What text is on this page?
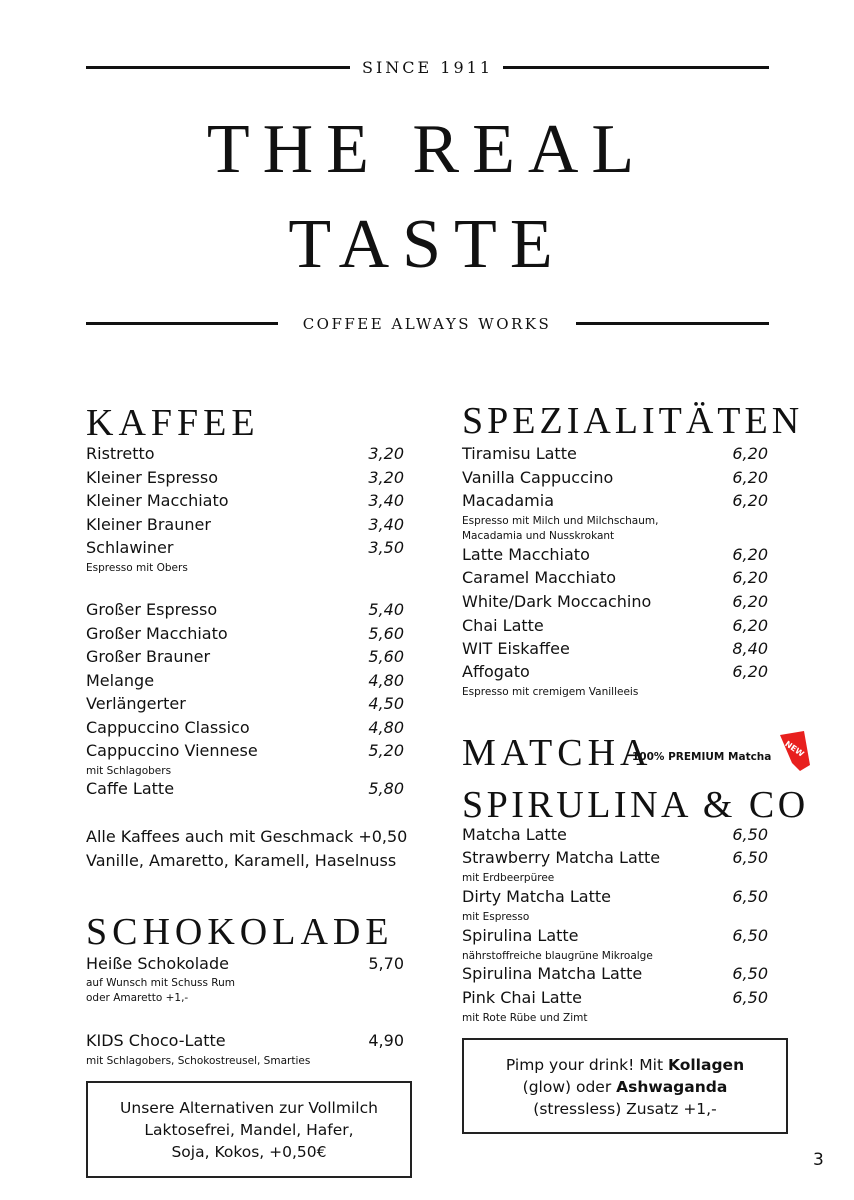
SINCE 1911
THE REAL
TASTE
COFFEE ALWAYS WORKS
KAFFEE
Ristretto	3,20
Kleiner Espresso	3,20
Kleiner Macchiato	3,40
Kleiner Brauner	3,40
Schlawiner	3,50
Espresso mit Obers
Großer Espresso	5,40
Großer Macchiato	5,60
Großer Brauner	5,60
Melange	4,80
Verlängerter	4,50
Cappuccino Classico	4,80
Cappuccino Viennese	5,20
mit Schlagobers
Caffe Latte	5,80
Alle Kaffees auch mit Geschmack +0,50
Vanille, Amaretto, Karamell, Haselnuss
SCHOKOLADE
Heiße Schokolade	5,70
auf Wunsch mit Schuss Rum
oder Amaretto +1,-
KIDS Choco-Latte	4,90
mit Schlagobers, Schokostreusel, Smarties
Unsere Alternativen zur Vollmilch
Laktosefrei, Mandel, Hafer,
Soja, Kokos, +0,50€
SPEZIALITÄTEN
Tiramisu Latte	6,20
Vanilla Cappuccino	6,20
Macadamia	6,20
Espresso mit Milch und Milchschaum,
Macadamia und Nusskrokant
Latte Macchiato	6,20
Caramel Macchiato	6,20
White/Dark Moccachino	6,20
Chai Latte	6,20
WIT Eiskaffee	8,40
Affogato	6,20
Espresso mit cremigem Vanilleeis
MATCHA
100% PREMIUM Matcha NEW
SPIRULINA & CO
Matcha Latte	6,50
Strawberry Matcha Latte	6,50
mit Erdbeerpüree
Dirty Matcha Latte	6,50
mit Espresso
Spirulina Latte	6,50
nährstoffreiche blaugrüne Mikroalge
Spirulina Matcha Latte	6,50
Pink Chai Latte	6,50
mit Rote Rübe und Zimt
Pimp your drink! Mit Kollagen
(glow) oder Ashwaganda
(stressless) Zusatz +1,-
3
